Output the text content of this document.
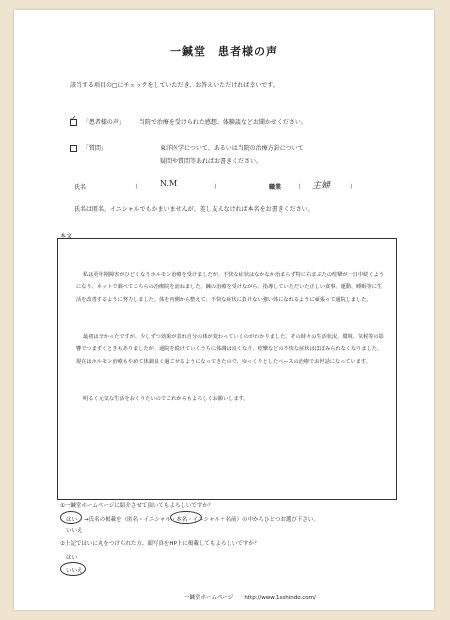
一鍼堂　患者様の声
該当する項目の□にチェックをしていただき、お答えいただければ幸いです。
✓ 「患者様の声」 当院で治療を受けられた感想、体験談などお聞かせください。
「質問」	東洋医学について、あるいは当院の治療方針について
疑問や質問等あればお書きください。
氏名	（	N.M	）	職業 （ 主婦	）
氏名は匿名、イニシャルでもかまいませんが、差し支えなければ本名をお書きください。
本文
私は更年期障害がひどくなりホルモン治療を受けましたが、不快な症状はなかなか治まらず特に右まぶたの痙攣が一日中続くようになり、ネットで調べてこちらの治療院を訪ねました。鍼の治療を受けながら、指導していただいた正しい食事、運動、睡眠等に生活を改善するように努力しました。体を内側から整えて、不快な症状に負けない強い体になれるように頑張って通院しました。
最初は辛かったですが、少しずつ効果が表れ自分の体が変わっていくのがわかりました。その時々の生活状況、環境、気候等の影響でつまずくときもありましたが、通院を続けていくうちに体調は良くなり、痙攣などの不快な症状はほぼみられなくなりました。現在はホルモン治療もやめて体調良く過ごせるようになってきたので、ゆっくりとしたペースの治療でお世話になっています。
明るく元気な生活をおくりたいのでこれからもよろしくお願いします。
①一鍼堂ホームページに紹介させて頂いてもよろしいですか？
はい →氏名の掲載を（匿名・イニシャル・本名・イニシャル＋名前）の中からひとつお選び下さい。
いいえ
②上記ではいに丸をつけられた方、顔写真をHP上に掲載してもよろしいですか？
はい
いいえ
一鍼堂ホームページ　　http://www.1sshindo.com/
